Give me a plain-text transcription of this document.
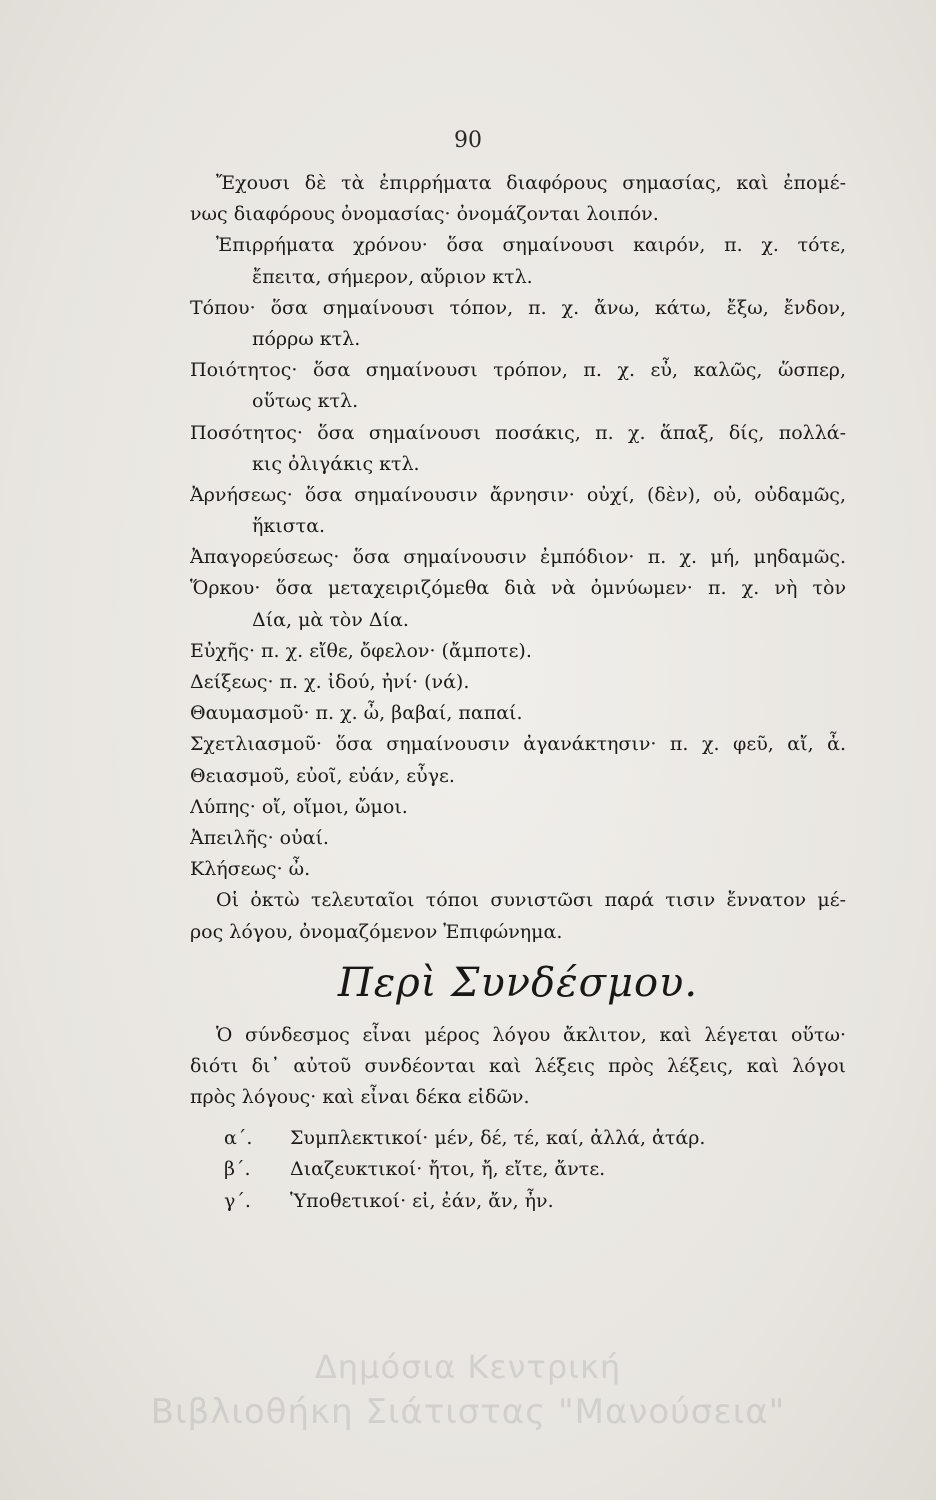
90
Ἔχουσι δὲ τὰ ἐπιρρήματα διαφόρους σημασίας, καὶ ἐπομέ-
νως διαφόρους ὀνομασίας· ὀνομάζονται λοιπόν.
Ἐπιρρήματα χρόνου· ὅσα σημαίνουσι καιρόν, π. χ. τότε,
ἔπειτα, σήμερον, αὔριον κτλ.
Τόπου· ὅσα σημαίνουσι τόπον, π. χ. ἄνω, κάτω, ἔξω, ἔνδον,
πόρρω κτλ.
Ποιότητος· ὅσα σημαίνουσι τρόπον, π. χ. εὖ, καλῶς, ὥσπερ,
οὕτως κτλ.
Ποσότητος· ὅσα σημαίνουσι ποσάκις, π. χ. ἅπαξ, δίς, πολλά-
κις ὀλιγάκις κτλ.
Ἀρνήσεως· ὅσα σημαίνουσιν ἄρνησιν· οὐχί, (δὲν), οὐ, οὐδαμῶς,
ἥκιστα.
Ἀπαγορεύσεως· ὅσα σημαίνουσιν ἐμπόδιον· π. χ. μή, μηδαμῶς.
Ὅρκου· ὅσα μεταχειριζόμεθα διὰ νὰ ὀμνύωμεν· π. χ. νὴ τὸν
Δία, μὰ τὸν Δία.
Εὐχῆς· π. χ. εἴθε, ὄφελον· (ἄμποτε).
Δείξεως· π. χ. ἰδού, ἠνί· (νά).
Θαυμασμοῦ· π. χ. ὦ, βαβαί, παπαί.
Σχετλιασμοῦ· ὅσα σημαίνουσιν ἀγανάκτησιν· π. χ. φεῦ, αἴ, ἆ.
Θειασμοῦ, εὐοῖ, εὐάν, εὖγε.
Λύπης· οἴ, οἴμοι, ὤμοι.
Ἀπειλῆς· οὐαί.
Κλήσεως· ὦ.
Οἱ ὀκτὼ τελευταῖοι τόποι συνιστῶσι παρά τισιν ἔννατον μέ-
ρος λόγου, ὀνομαζόμενον Ἐπιφώνημα.
Περὶ Συνδέσμου.
Ὁ σύνδεσμος εἶναι μέρος λόγου ἄκλιτον, καὶ λέγεται οὕτω·
διότι δι᾽ αὐτοῦ συνδέονται καὶ λέξεις πρὸς λέξεις, καὶ λόγοι
πρὸς λόγους· καὶ εἶναι δέκα εἰδῶν.
α΄. Συμπλεκτικοί· μέν, δέ, τέ, καί, ἀλλά, ἀτάρ.
β΄. Διαζευκτικοί· ἤτοι, ἤ, εἴτε, ἄντε.
γ΄. Ὑποθετικοί· εἰ, ἐάν, ἄν, ἦν.
Δημόσια Κεντρική
Βιβλιοθήκη Σιάτιστας "Μανούσεια"
